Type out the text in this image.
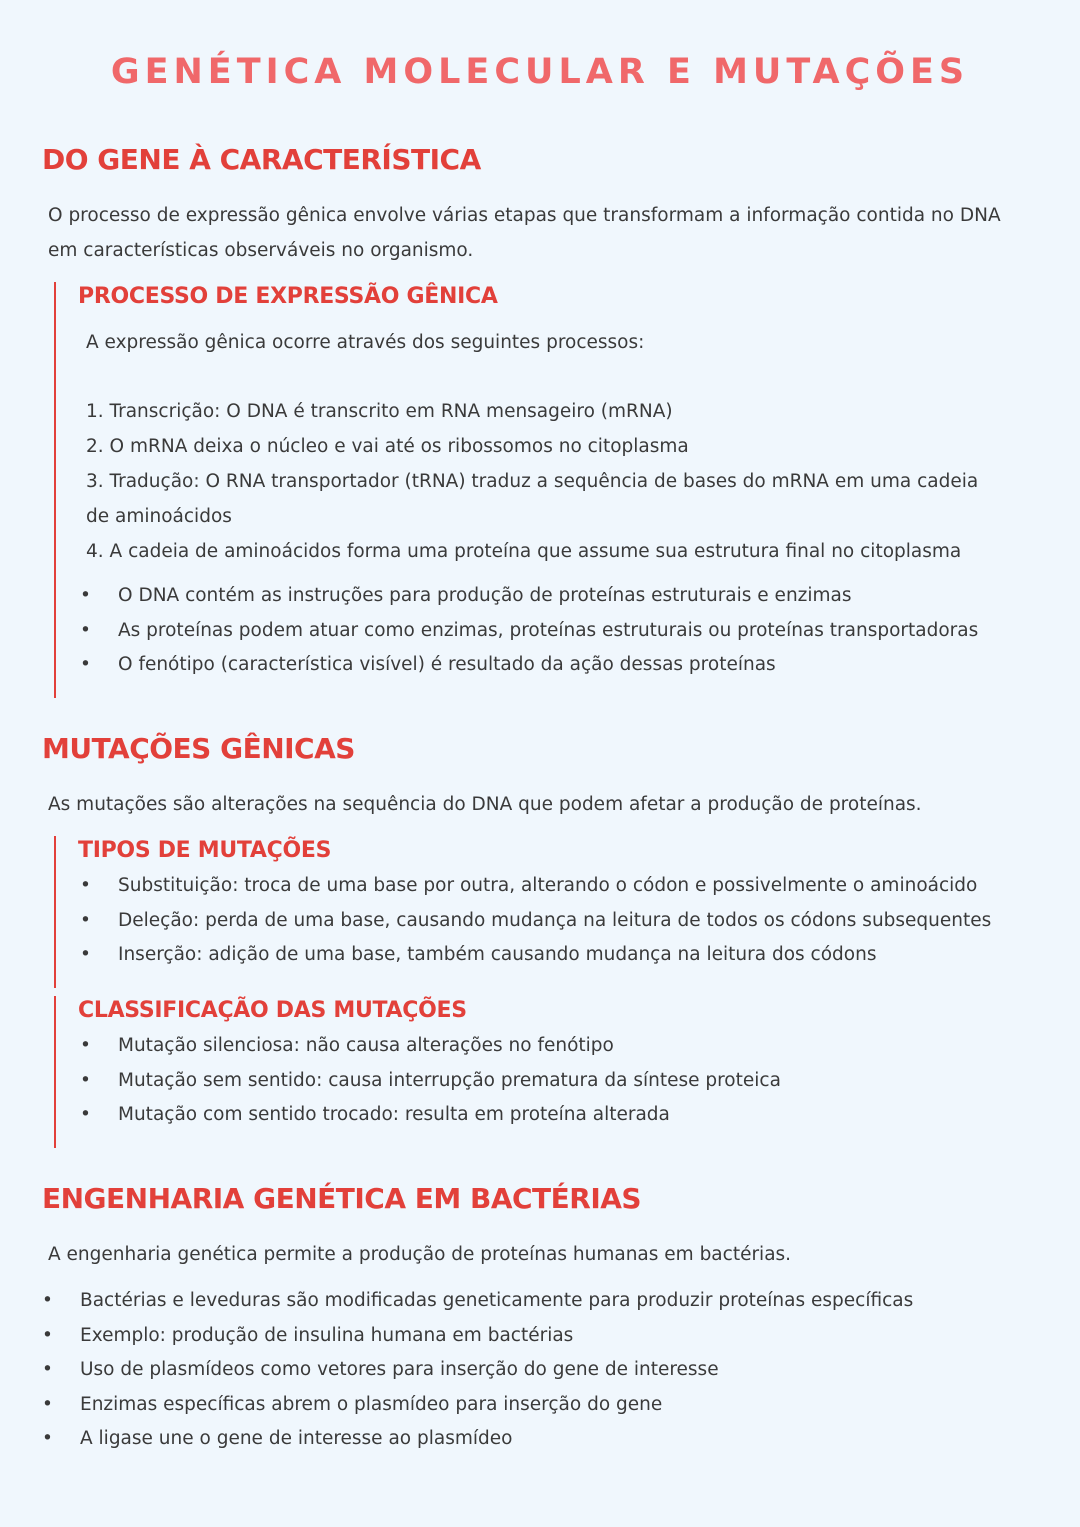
GENÉTICA MOLECULAR E MUTAÇÕES
DO GENE À CARACTERÍSTICA
O processo de expressão gênica envolve várias etapas que transformam a informação contida no DNA
em características observáveis no organismo.
PROCESSO DE EXPRESSÃO GÊNICA
A expressão gênica ocorre através dos seguintes processos:
1. Transcrição: O DNA é transcrito em RNA mensageiro (mRNA)
2. O mRNA deixa o núcleo e vai até os ribossomos no citoplasma
3. Tradução: O RNA transportador (tRNA) traduz a sequência de bases do mRNA em uma cadeia
de aminoácidos
4. A cadeia de aminoácidos forma uma proteína que assume sua estrutura final no citoplasma
• O DNA contém as instruções para produção de proteínas estruturais e enzimas
• As proteínas podem atuar como enzimas, proteínas estruturais ou proteínas transportadoras
• O fenótipo (característica visível) é resultado da ação dessas proteínas
MUTAÇÕES GÊNICAS
As mutações são alterações na sequência do DNA que podem afetar a produção de proteínas.
TIPOS DE MUTAÇÕES
• Substituição: troca de uma base por outra, alterando o códon e possivelmente o aminoácido
• Deleção: perda de uma base, causando mudança na leitura de todos os códons subsequentes
• Inserção: adição de uma base, também causando mudança na leitura dos códons
CLASSIFICAÇÃO DAS MUTAÇÕES
• Mutação silenciosa: não causa alterações no fenótipo
• Mutação sem sentido: causa interrupção prematura da síntese proteica
• Mutação com sentido trocado: resulta em proteína alterada
ENGENHARIA GENÉTICA EM BACTÉRIAS
A engenharia genética permite a produção de proteínas humanas em bactérias.
• Bactérias e leveduras são modificadas geneticamente para produzir proteínas específicas
• Exemplo: produção de insulina humana em bactérias
• Uso de plasmídeos como vetores para inserção do gene de interesse
• Enzimas específicas abrem o plasmídeo para inserção do gene
• A ligase une o gene de interesse ao plasmídeo
